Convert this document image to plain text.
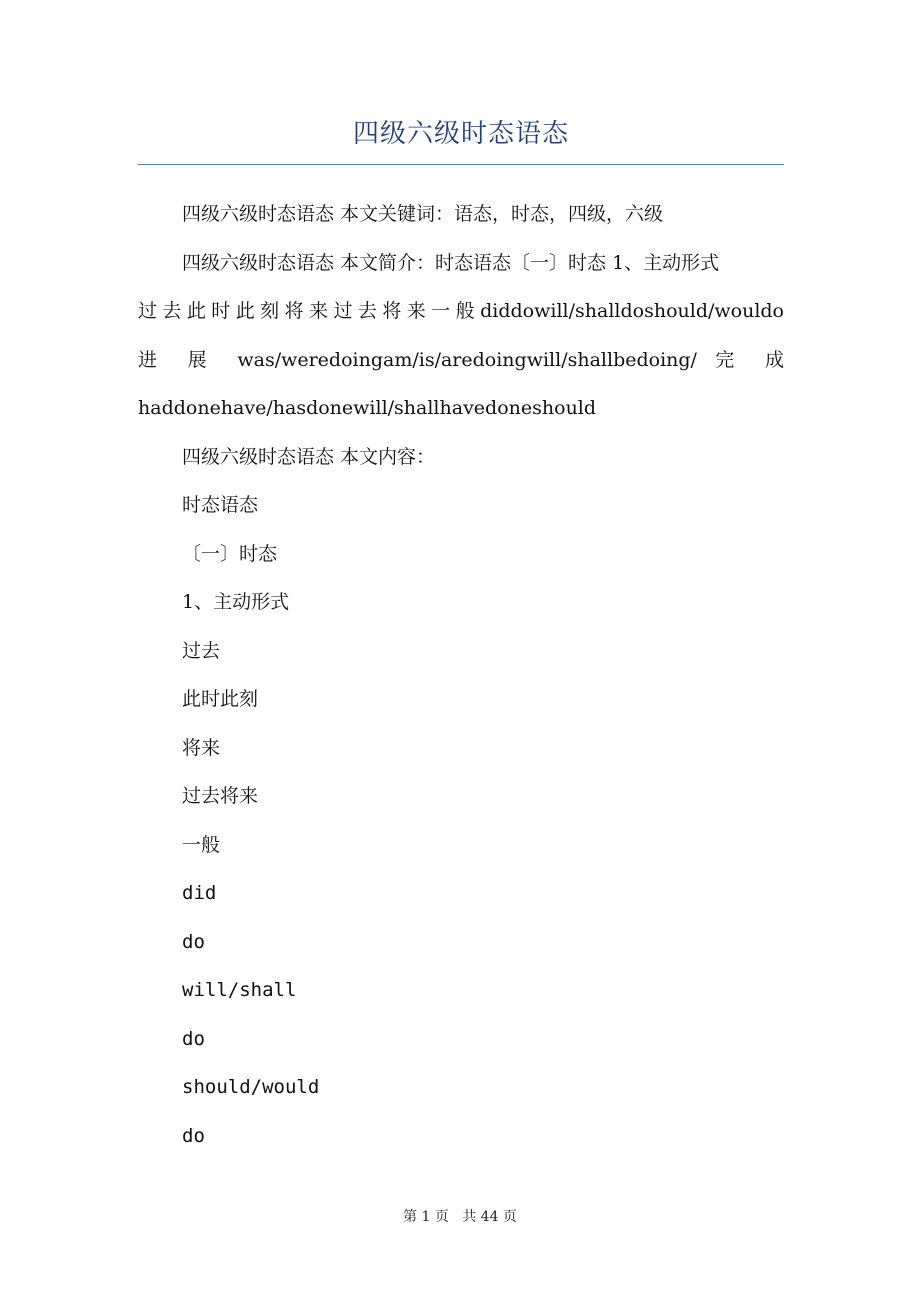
四级六级时态语态

四级六级时态语态 本文关键词：语态，时态，四级，六级

四级六级时态语态 本文简介：时态语态〔一〕时态 1、主动形式

过去此时此刻将来过去将来一般diddowill/shalldoshould/wouldo

进 展 was/weredoingam/is/aredoingwill/shallbedoing/ 完 成

haddonehave/hasdonewill/shallhavedoneshould

四级六级时态语态 本文内容：

时态语态

〔一〕时态

1、主动形式

过去

此时此刻

将来

过去将来

一般

did

do

will/shall

do

should/would

do

第 1 页 共 44 页
